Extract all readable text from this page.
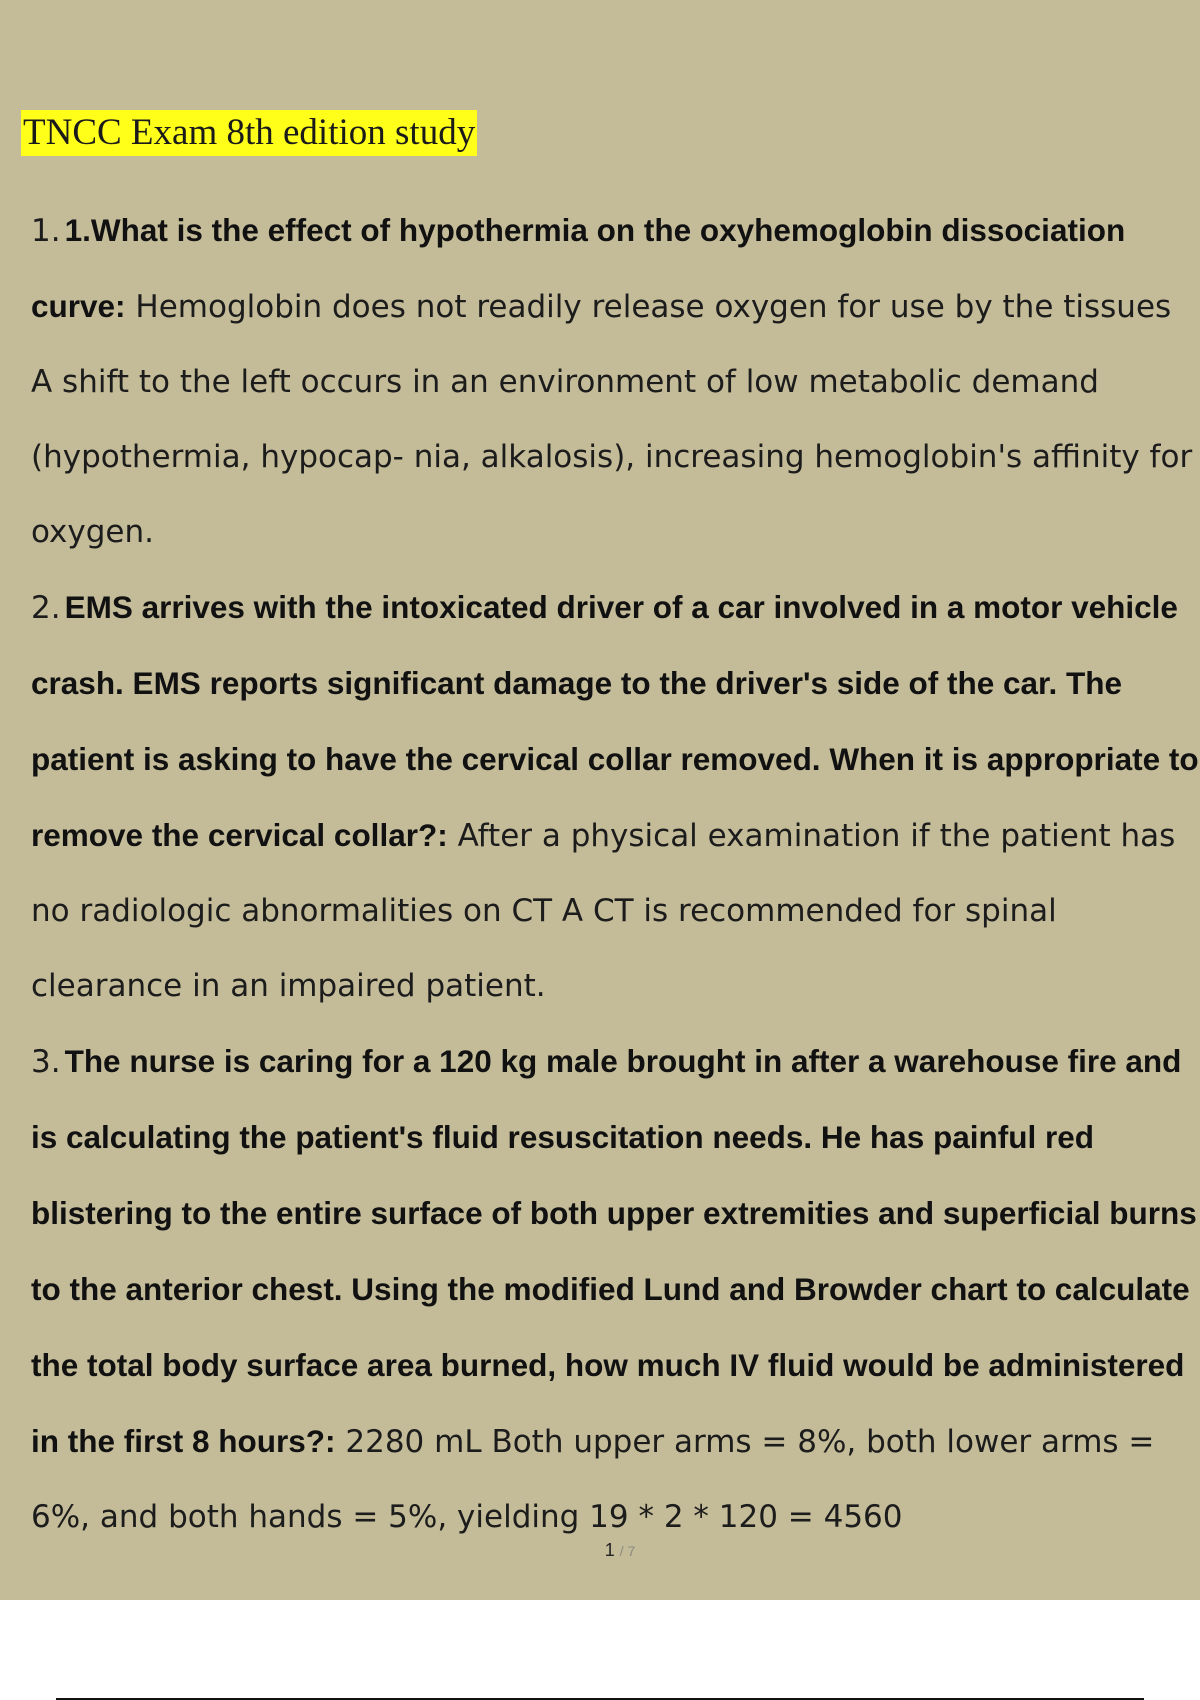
TNCC Exam 8th edition study
1. 1.What is the effect of hypothermia on the oxyhemoglobin dissociation curve: Hemoglobin does not readily release oxygen for use by the tissues A shift to the left occurs in an environment of low metabolic demand (hypothermia, hypocap- nia, alkalosis), increasing hemoglobin's affinity for oxygen.
2. EMS arrives with the intoxicated driver of a car involved in a motor vehicle crash. EMS reports significant damage to the driver's side of the car. The patient is asking to have the cervical collar removed. When it is appropriate to remove the cervical collar?: After a physical examination if the patient has no radiologic abnormalities on CT A CT is recommended for spinal clearance in an impaired patient.
3. The nurse is caring for a 120 kg male brought in after a warehouse fire and is calculating the patient's fluid resuscitation needs. He has painful red blistering to the entire surface of both upper extremities and superficial burns to the anterior chest. Using the modified Lund and Browder chart to calculate the total body surface area burned, how much IV fluid would be administered in the first 8 hours?: 2280 mL Both upper arms = 8%, both lower arms = 6%, and both hands = 5%, yielding 19 * 2 * 120 = 4560
1 / 7
